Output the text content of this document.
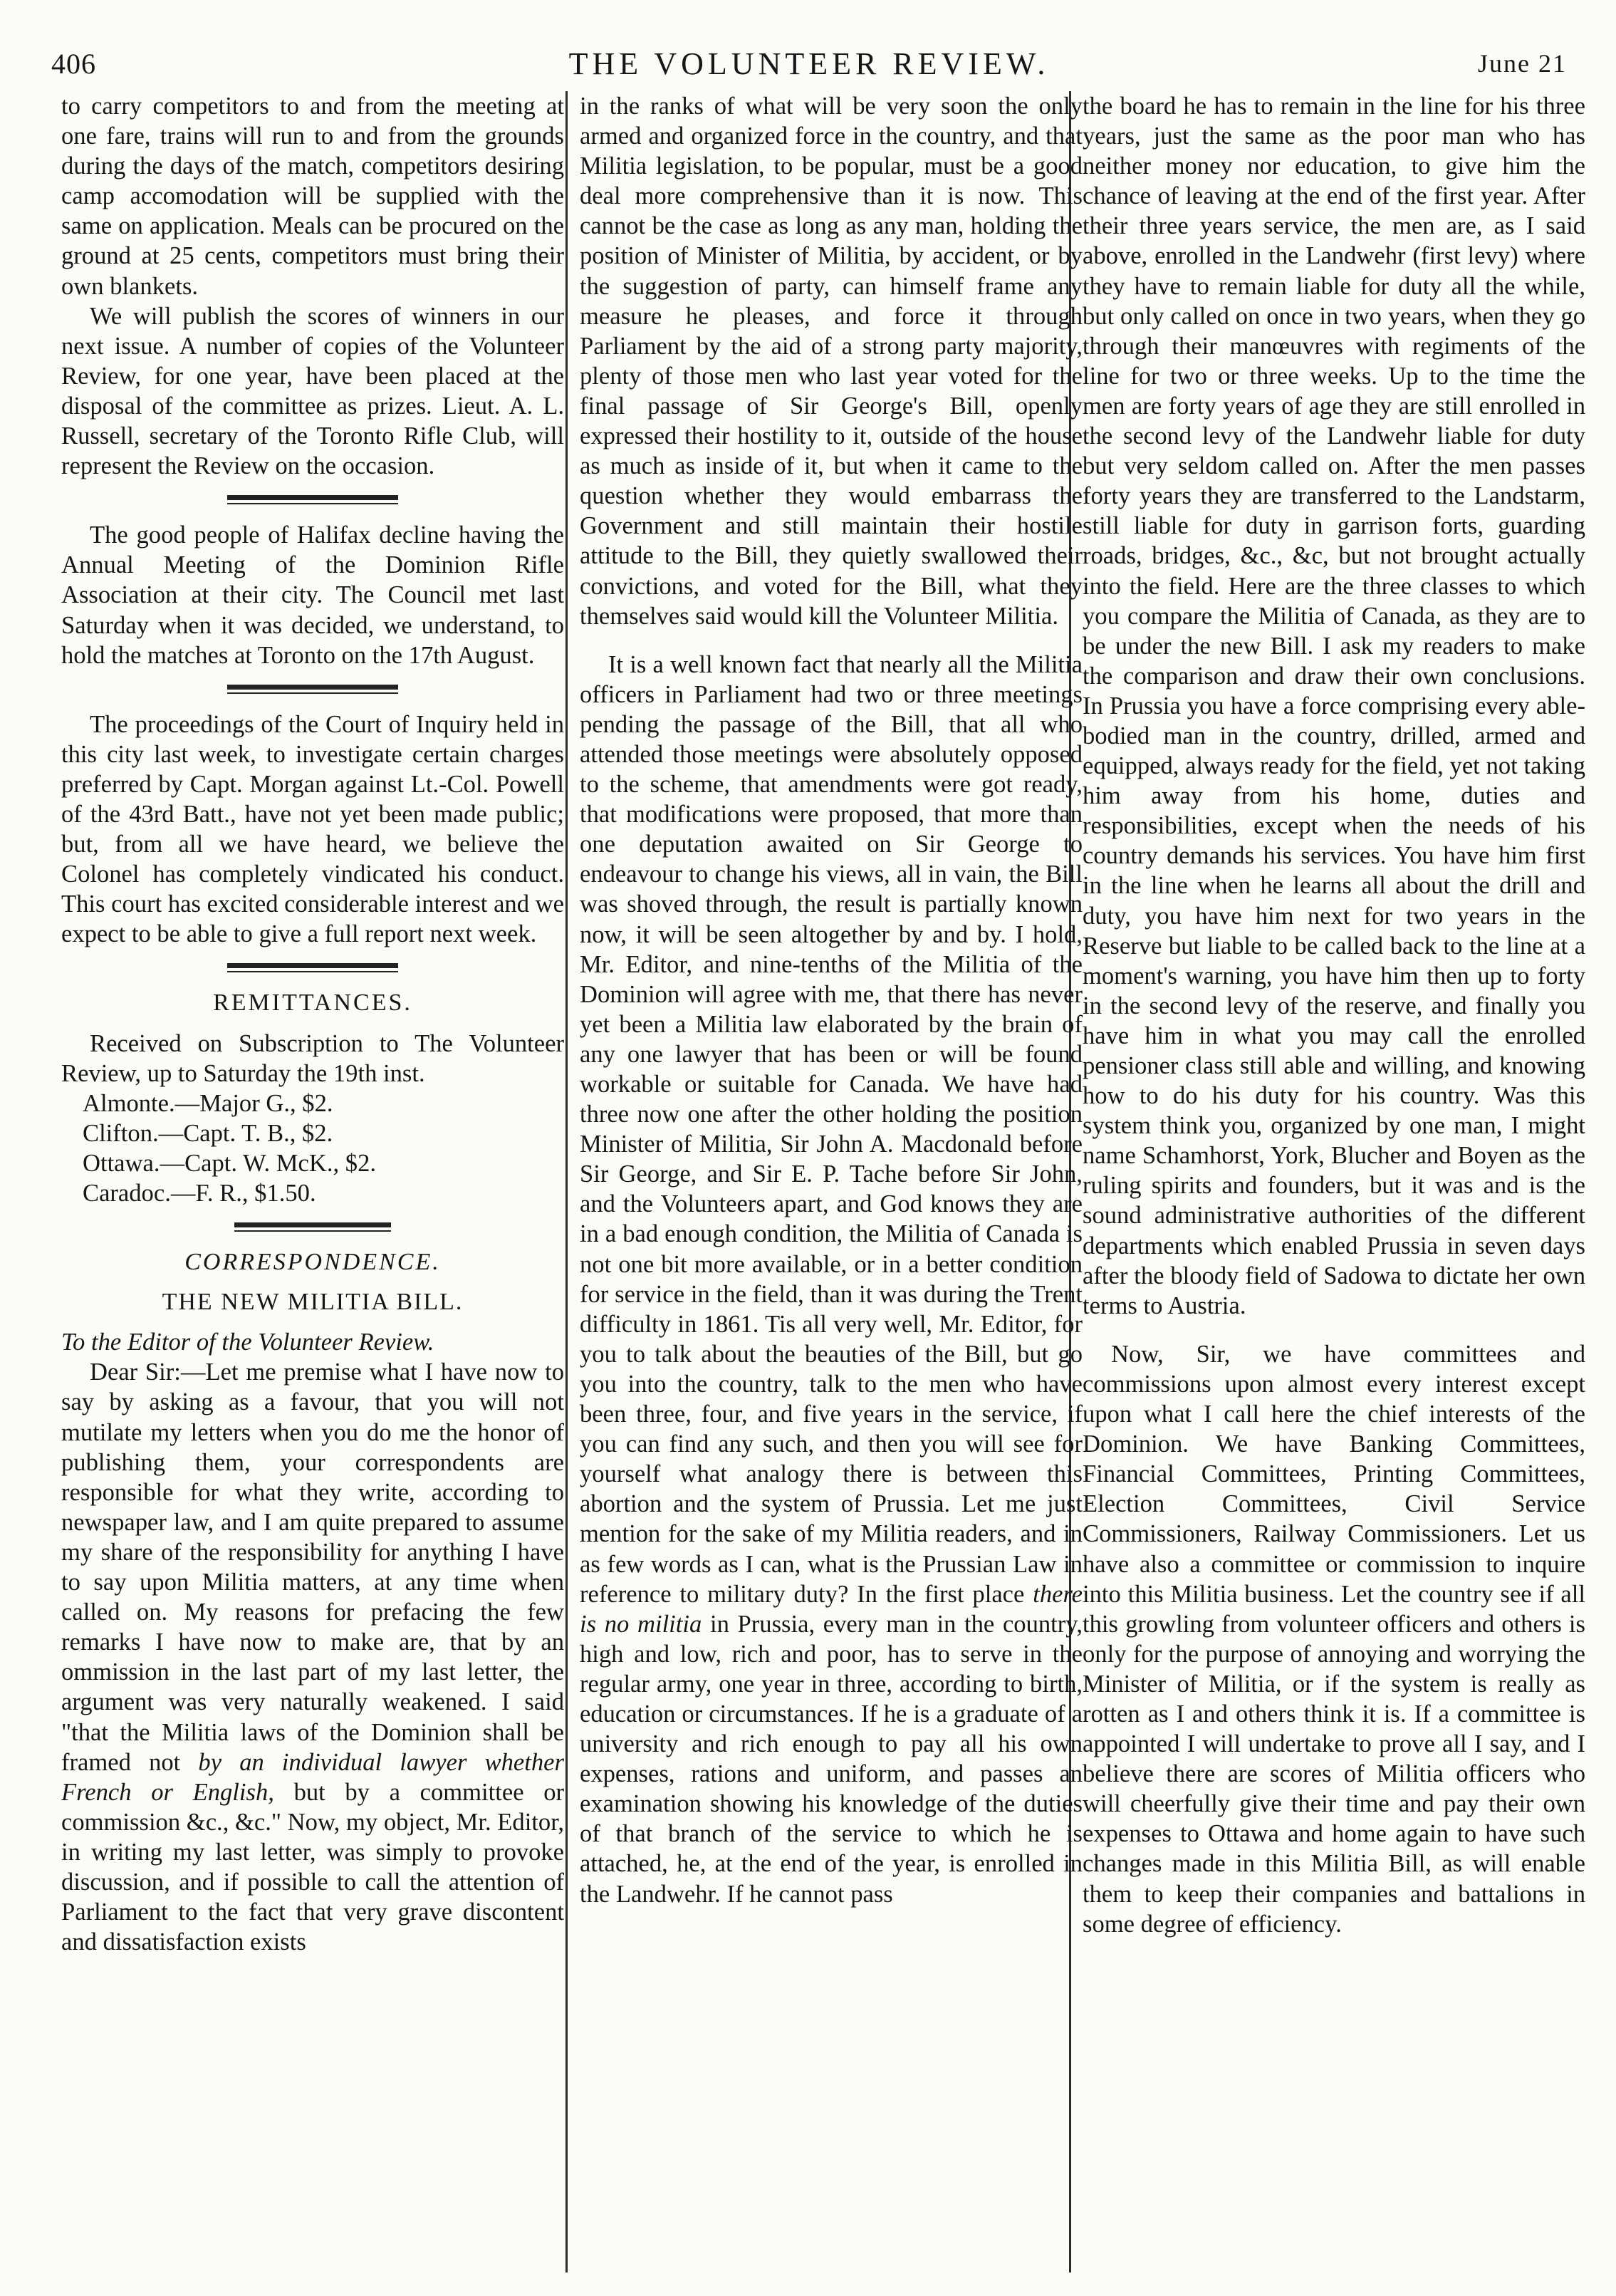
406	THE VOLUNTEER REVIEW.	June 21

to carry competitors to and from the meeting at one fare, trains will run to and from the grounds during the days of the match, competitors desiring camp accomodation will be supplied with the same on application. Meals can be procured on the ground at 25 cents, competitors must bring their own blankets.

We will publish the scores of winners in our next issue. A number of copies of the Volunteer Review, for one year, have been placed at the disposal of the committee as prizes. Lieut. A. L. Russell, secretary of the Toronto Rifle Club, will represent the Review on the occasion.

The good people of Halifax decline having the Annual Meeting of the Dominion Rifle Association at their city. The Council met last Saturday when it was decided, we understand, to hold the matches at Toronto on the 17th August.

The proceedings of the Court of Inquiry held in this city last week, to investigate certain charges preferred by Capt. Morgan against Lt.-Col. Powell of the 43rd Batt., have not yet been made public; but, from all we have heard, we believe the Colonel has completely vindicated his conduct. This court has excited considerable interest and we expect to be able to give a full report next week.

REMITTANCES.

Received on Subscription to The Volunteer Review, up to Saturday the 19th inst.

Almonte.—Major G., $2.

Clifton.—Capt. T. B., $2.

Ottawa.—Capt. W. McK., $2.

Caradoc.—F. R., $1.50.

CORRESPONDENCE.
THE NEW MILITIA BILL.

To the Editor of the Volunteer Review.

Dear Sir:—Let me premise what I have now to say by asking as a favour, that you will not mutilate my letters when you do me the honor of publishing them, your correspondents are responsible for what they write, according to newspaper law, and I am quite prepared to assume my share of the responsibility for anything I have to say upon Militia matters, at any time when called on. My reasons for prefacing the few remarks I have now to make are, that by an ommission in the last part of my last letter, the argument was very naturally weakened. I said "that the Militia laws of the Dominion shall be framed not by an individual lawyer whether French or English, but by a committee or commission &c., &c." Now, my object, Mr. Editor, in writing my last letter, was simply to provoke discussion, and if possible to call the attention of Parliament to the fact that very grave discontent and dissatisfaction exists

in the ranks of what will be very soon the only armed and organized force in the country, and that Militia legislation, to be popular, must be a good deal more comprehensive than it is now. This cannot be the case as long as any man, holding the position of Minister of Militia, by accident, or by the suggestion of party, can himself frame any measure he pleases, and force it through Parliament by the aid of a strong party majority, plenty of those men who last year voted for the final passage of Sir George's Bill, openly expressed their hostility to it, outside of the house as much as inside of it, but when it came to the question whether they would embarrass the Government and still maintain their hostile attitude to the Bill, they quietly swallowed their convictions, and voted for the Bill, what they themselves said would kill the Volunteer Militia.

It is a well known fact that nearly all the Militia officers in Parliament had two or three meetings pending the passage of the Bill, that all who attended those meetings were absolutely opposed to the scheme, that amendments were got ready, that modifications were proposed, that more than one deputation awaited on Sir George to endeavour to change his views, all in vain, the Bill was shoved through, the result is partially known now, it will be seen altogether by and by. I hold, Mr. Editor, and nine-tenths of the Militia of the Dominion will agree with me, that there has never yet been a Militia law elaborated by the brain of any one lawyer that has been or will be found workable or suitable for Canada. We have had three now one after the other holding the position Minister of Militia, Sir John A. Macdonald before Sir George, and Sir E. P. Tache before Sir John, and the Volunteers apart, and God knows they are in a bad enough condition, the Militia of Canada is not one bit more available, or in a better condition for service in the field, than it was during the Trent difficulty in 1861. Tis all very well, Mr. Editor, for you to talk about the beauties of the Bill, but go you into the country, talk to the men who have been three, four, and five years in the service, if you can find any such, and then you will see for yourself what analogy there is between this abortion and the system of Prussia. Let me just mention for the sake of my Militia readers, and in as few words as I can, what is the Prussian Law in reference to military duty? In the first place there is no militia in Prussia, every man in the country, high and low, rich and poor, has to serve in the regular army, one year in three, according to birth, education or circumstances. If he is a graduate of a university and rich enough to pay all his own expenses, rations and uniform, and passes an examination showing his knowledge of the duties of that branch of the service to which he is attached, he, at the end of the year, is enrolled in the Landwehr. If he cannot pass

the board he has to remain in the line for his three years, just the same as the poor man who has neither money nor education, to give him the chance of leaving at the end of the first year. After their three years service, the men are, as I said above, enrolled in the Landwehr (first levy) where they have to remain liable for duty all the while, but only called on once in two years, when they go through their manœuvres with regiments of the line for two or three weeks. Up to the time the men are forty years of age they are still enrolled in the second levy of the Landwehr liable for duty but very seldom called on. After the men passes forty years they are transferred to the Landstarm, still liable for duty in garrison forts, guarding roads, bridges, &c., &c, but not brought actually into the field. Here are the three classes to which you compare the Militia of Canada, as they are to be under the new Bill. I ask my readers to make the comparison and draw their own conclusions. In Prussia you have a force comprising every able-bodied man in the country, drilled, armed and equipped, always ready for the field, yet not taking him away from his home, duties and responsibilities, except when the needs of his country demands his services. You have him first in the line when he learns all about the drill and duty, you have him next for two years in the Reserve but liable to be called back to the line at a moment's warning, you have him then up to forty in the second levy of the reserve, and finally you have him in what you may call the enrolled pensioner class still able and willing, and knowing how to do his duty for his country. Was this system think you, organized by one man, I might name Schamhorst, York, Blucher and Boyen as the ruling spirits and founders, but it was and is the sound administrative authorities of the different departments which enabled Prussia in seven days after the bloody field of Sadowa to dictate her own terms to Austria.

Now, Sir, we have committees and commissions upon almost every interest except upon what I call here the chief interests of the Dominion. We have Banking Committees, Financial Committees, Printing Committees, Election Committees, Civil Service Commissioners, Railway Commissioners. Let us have also a committee or commission to inquire into this Militia business. Let the country see if all this growling from volunteer officers and others is only for the purpose of annoying and worrying the Minister of Militia, or if the system is really as rotten as I and others think it is. If a committee is appointed I will undertake to prove all I say, and I believe there are scores of Militia officers who will cheerfully give their time and pay their own expenses to Ottawa and home again to have such changes made in this Militia Bill, as will enable them to keep their companies and battalions in some degree of efficiency.
